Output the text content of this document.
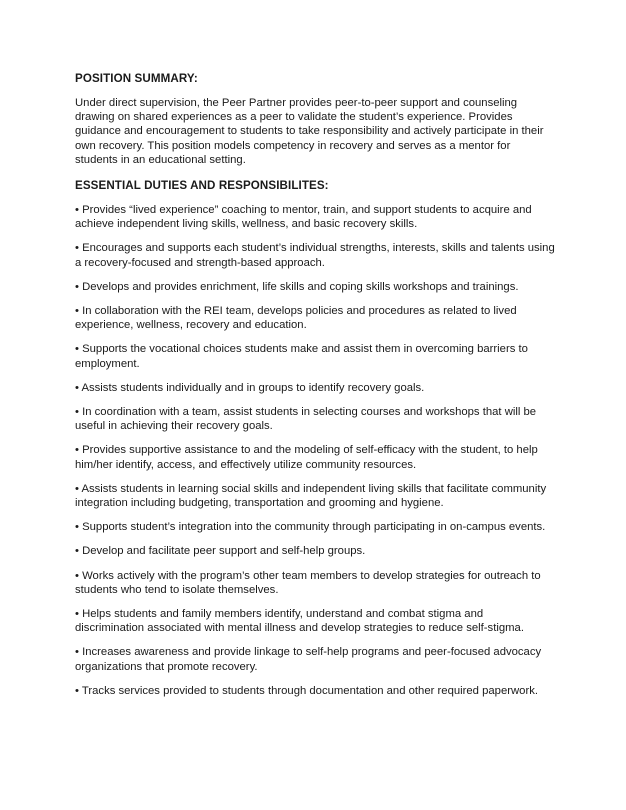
POSITION SUMMARY:

Under direct supervision, the Peer Partner provides peer-to-peer support and counseling drawing on shared experiences as a peer to validate the student’s experience. Provides guidance and encouragement to students to take responsibility and actively participate in their own recovery. This position models competency in recovery and serves as a mentor for students in an educational setting.

ESSENTIAL DUTIES AND RESPONSIBILITES:

• Provides “lived experience” coaching to mentor, train, and support students to acquire and achieve independent living skills, wellness, and basic recovery skills.

• Encourages and supports each student’s individual strengths, interests, skills and talents using a recovery-focused and strength-based approach.

• Develops and provides enrichment, life skills and coping skills workshops and trainings.

• In collaboration with the REI team, develops policies and procedures as related to lived experience, wellness, recovery and education.

• Supports the vocational choices students make and assist them in overcoming barriers to employment.

• Assists students individually and in groups to identify recovery goals.

• In coordination with a team, assist students in selecting courses and workshops that will be useful in achieving their recovery goals.

• Provides supportive assistance to and the modeling of self-efficacy with the student, to help him/her identify, access, and effectively utilize community resources.

• Assists students in learning social skills and independent living skills that facilitate community integration including budgeting, transportation and grooming and hygiene.

• Supports student’s integration into the community through participating in on-campus events.

• Develop and facilitate peer support and self-help groups.

• Works actively with the program’s other team members to develop strategies for outreach to students who tend to isolate themselves.

• Helps students and family members identify, understand and combat stigma and discrimination associated with mental illness and develop strategies to reduce self-stigma.

• Increases awareness and provide linkage to self-help programs and peer-focused advocacy organizations that promote recovery.

• Tracks services provided to students through documentation and other required paperwork.
